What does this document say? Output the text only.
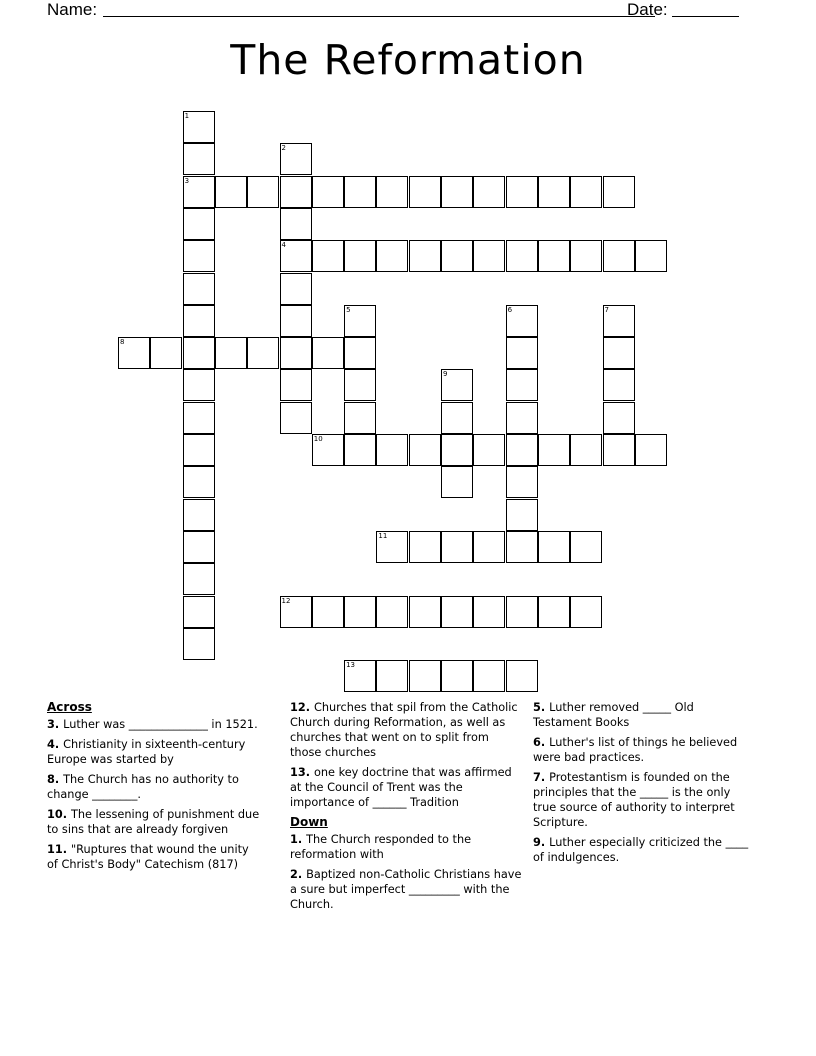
Name:	Date:
The Reformation
1
3
2
4
5	6	7
8
9
10
11
12
13
Across
3. Luther was ______________ in 1521.
4. Christianity in sixteenth-century Europe was started by
8. The Church has no authority to change ________.
10. The lessening of punishment due to sins that are already forgiven
11. "Ruptures that wound the unity of Christ's Body" Catechism (817)
12. Churches that spil from the Catholic Church during Reformation, as well as churches that went on to split from those churches
13. one key doctrine that was affirmed at the Council of Trent was the importance of ______ Tradition
Down
1. The Church responded to the reformation with
2. Baptized non-Catholic Christians have a sure but imperfect _________ with the Church.
5. Luther removed _____ Old Testament Books
6. Luther's list of things he believed were bad practices.
7. Protestantism is founded on the principles that the _____ is the only true source of authority to interpret Scripture.
9. Luther especially criticized the ____ of indulgences.
